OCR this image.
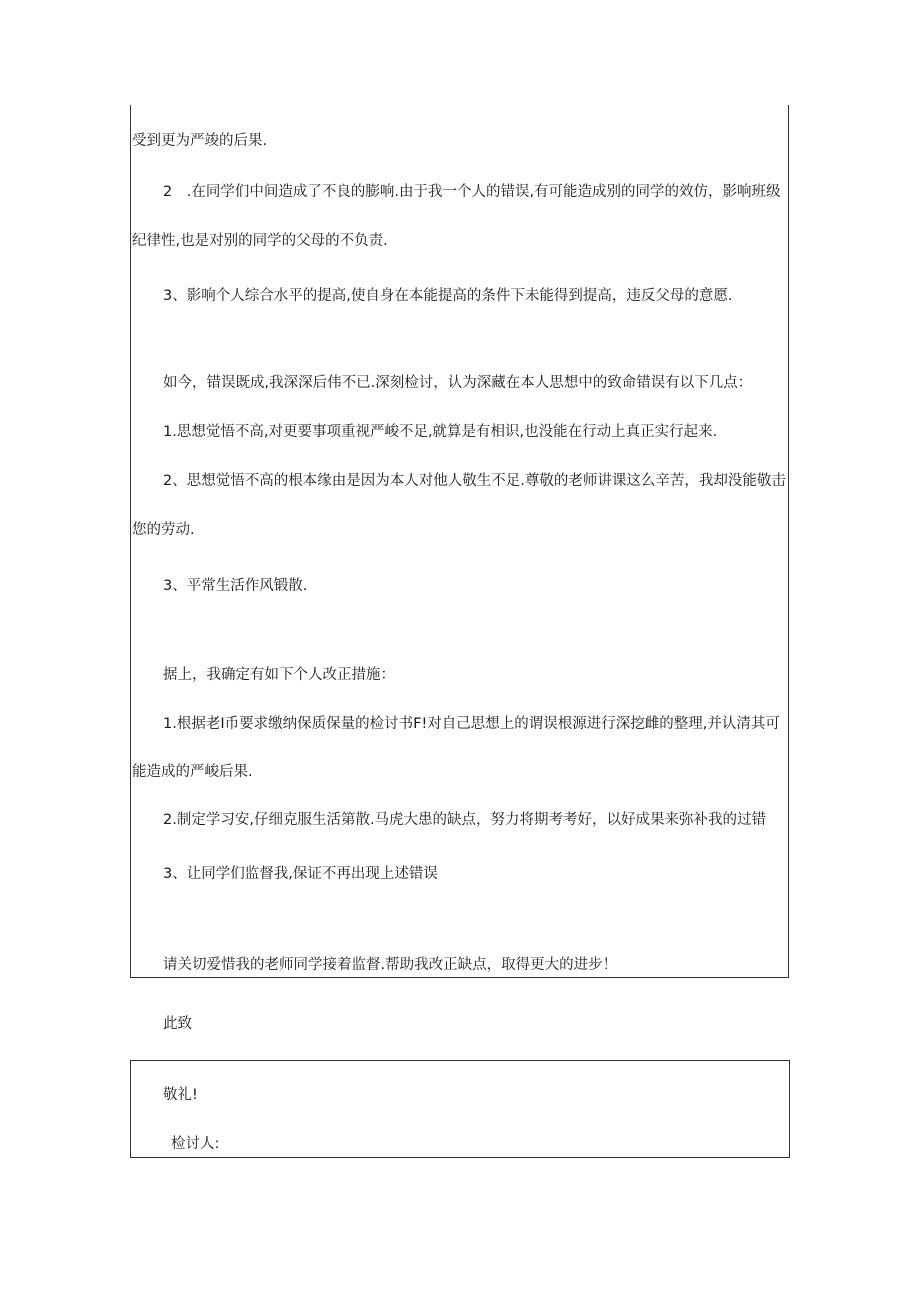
受到更为严竣的后果.
2　.在同学们中间造成了不良的膨响.由于我一个人的错误,有可能造成别的同学的效仿，影响班级
纪律性,也是对别的同学的父母的不负责.
3、影响个人综合水平的提高,使自身在本能提高的条件下未能得到提高，违反父母的意愿.
如今，错误既成,我深深后伟不已.深刻检讨，认为深藏在本人思想中的致命错误有以下几点：
1.思想觉悟不高,对更要事项重视严峻不足,就算是有相识,也没能在行动上真正实行起来.
2、思想觉悟不高的根本缘由是因为本人对他人敬生不足.尊敬的老师讲课这么辛苦，我却没能敬击
您的劳动.
3、平常生活作风锻散.
据上，我确定有如下个人改正措施：
1.根据老I币要求缴纳保质保量的检讨书F!对自己思想上的谓误根源进行深挖雌的整理,并认清其可
能造成的严峻后果.
2.制定学习安,仔细克服生活第散.马虎大患的缺点，努力将期考考好，以好成果来弥补我的过错
3、让同学们监督我,保证不再出现上述错误
请关切爱惜我的老师同学接着监督.帮助我改正缺点，取得更大的进步！
此致
敬礼!
检讨人:
